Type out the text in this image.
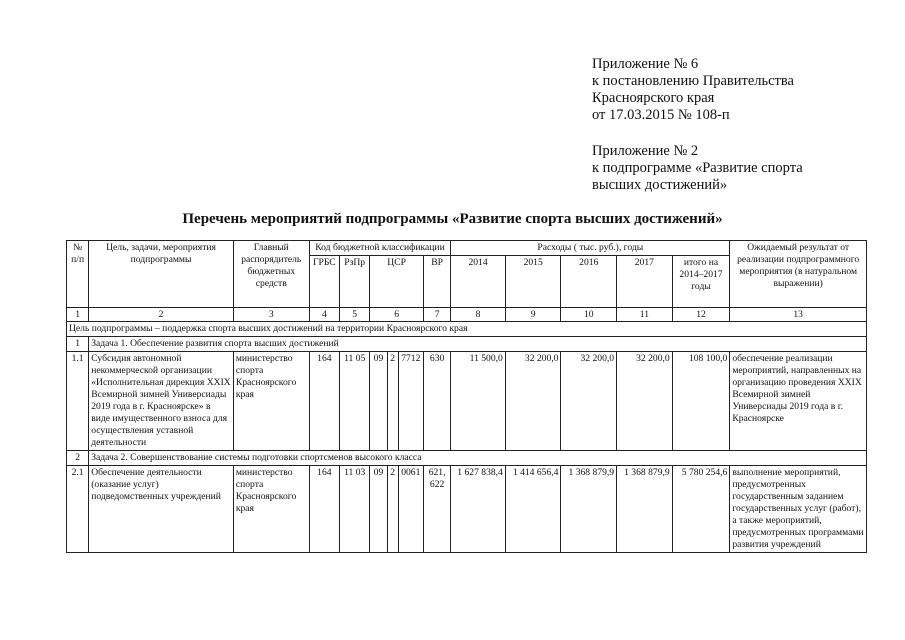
Приложение № 6
к постановлению Правительства
Красноярского края
от 17.03.2015 № 108-п
Приложение № 2
к подпрограмме «Развитие спорта
высших достижений»
Перечень мероприятий подпрограммы «Развитие спорта высших достижений»
№ п/п	Цель, задачи, мероприятия подпрограммы	Главный распорядитель бюджетных средств	Код бюджетной классификации						Расходы ( тыс. руб.), годы					Ожидаемый результат от реализации подпрограммного мероприятия (в натуральном выражении)
			ГРБС	РзПр	ЦСР			ВР	2014	2015	2016	2017	итого на 2014–2017 годы	
1	2	3	4	5	6			7	8	9	10	11	12	13
Цель подпрограммы – поддержка спорта высших достижений на территории Красноярского края														
1	Задача 1. Обеспечение развития спорта высших достижений													
1.1	Субсидия автономной некоммерческой организации «Исполнительная дирекция XXIX Всемирной зимней Универсиады 2019 года в г. Красноярске» в виде имущественного взноса для осуществления уставной деятельности	министерство спорта Красноярского края	164	11 05	09	2	7712	630	11 500,0	32 200,0	32 200,0	32 200,0	108 100,0	обеспечение реализации мероприятий, направленных на организацию проведения XXIX Всемирной зимней Универсиады 2019 года в г. Красноярске
2	Задача 2. Совершенствование системы подготовки спортсменов высокого класса													
2.1	Обеспечение деятельности (оказание услуг) подведомственных учреждений	министерство спорта Красноярского края	164	11 03	09	2	0061	621, 622	1 627 838,4	1 414 656,4	1 368 879,9	1 368 879,9	5 780 254,6	выполнение мероприятий, предусмотренных государственным заданием государственных услуг (работ), а также мероприятий, предусмотренных программами развития учреждений
